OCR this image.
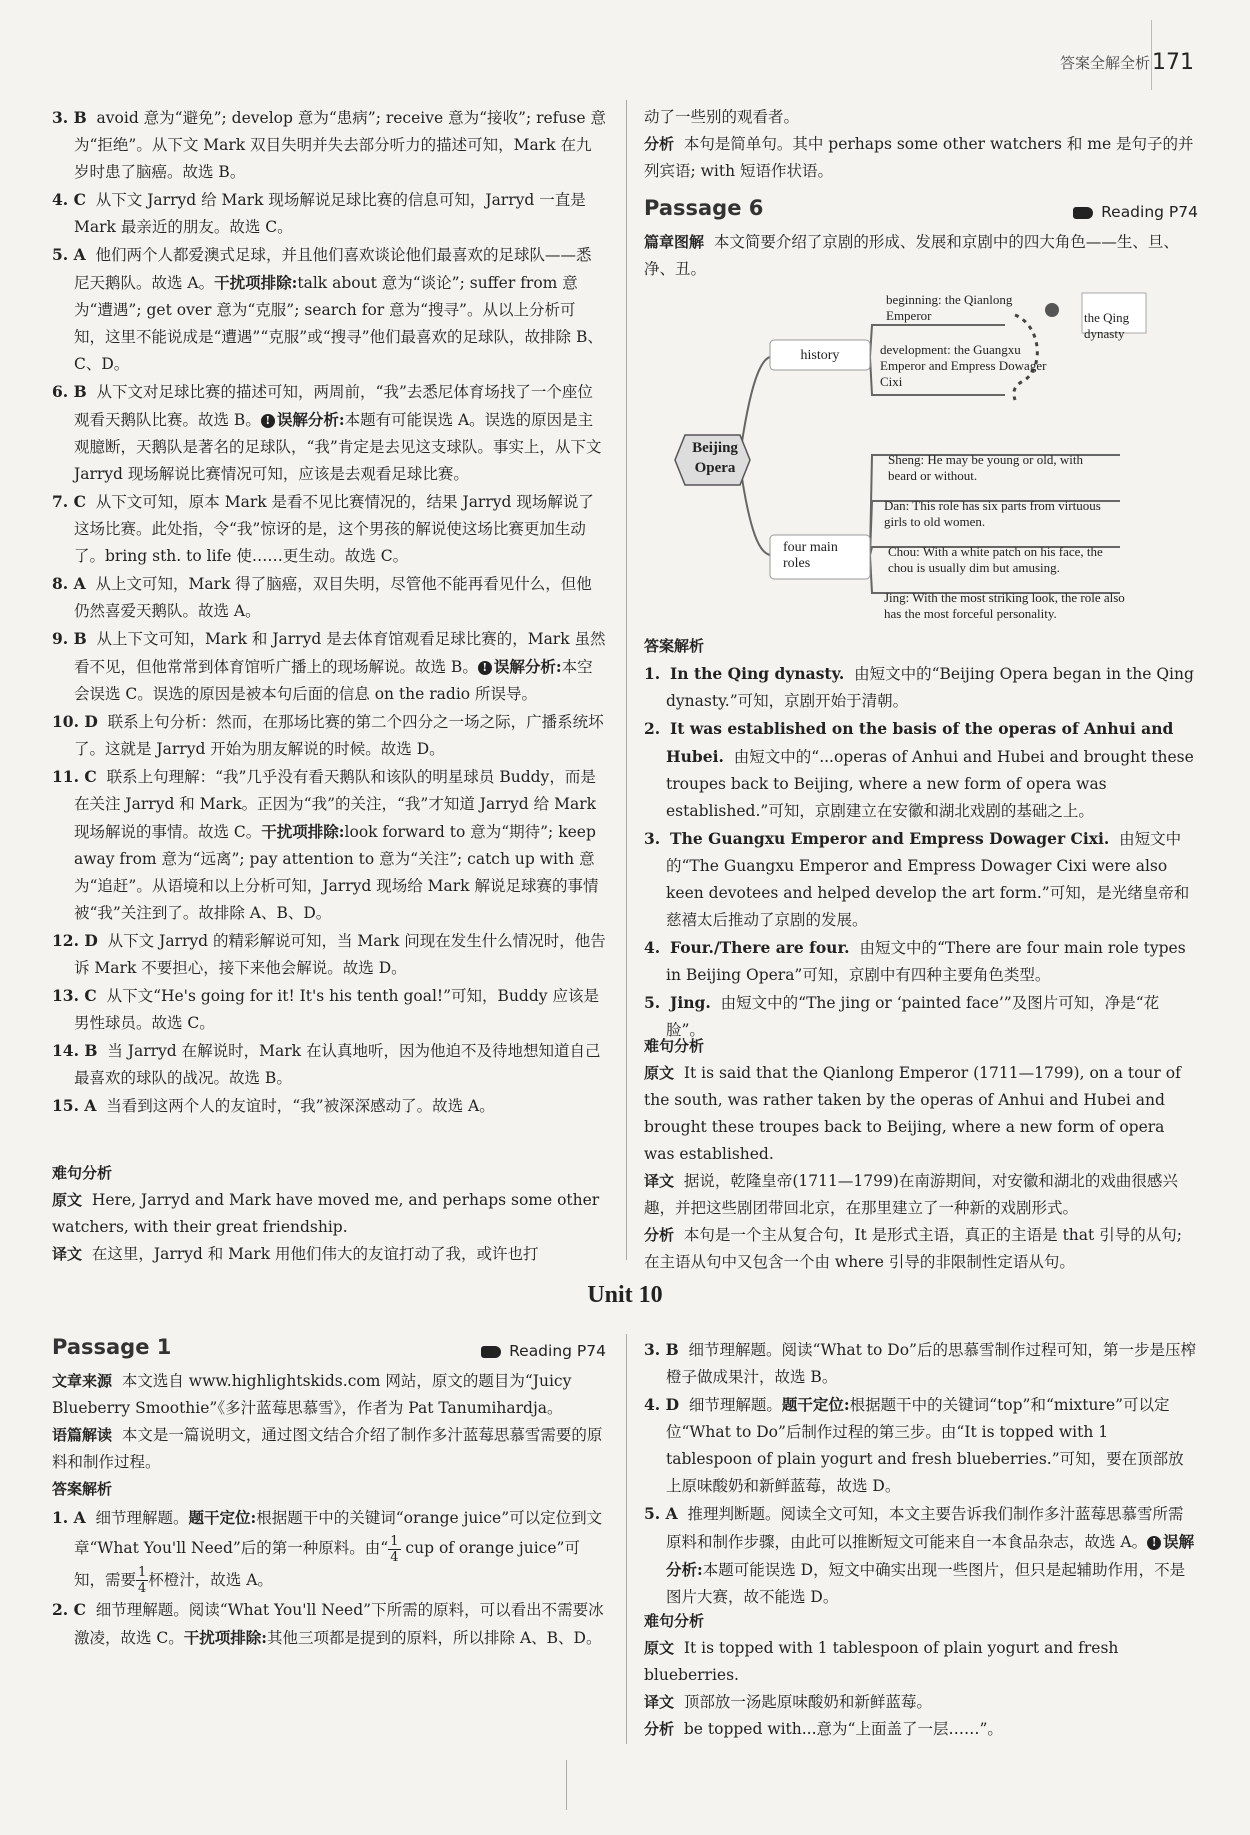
答案全解全析 171

3. B avoid 意为“避免”; develop 意为“患病”; receive 意为“接收”; refuse 意为“拒绝”。从下文 Mark 双目失明并失去部分听力的描述可知，Mark 在九岁时患了脑癌。故选 B。

4. C 从下文 Jarryd 给 Mark 现场解说足球比赛的信息可知，Jarryd 一直是 Mark 最亲近的朋友。故选 C。

5. A 他们两个人都爱澳式足球，并且他们喜欢谈论他们最喜欢的足球队——悉尼天鹅队。故选 A。干扰项排除:talk about 意为“谈论”; suffer from 意为“遭遇”; get over 意为“克服”; search for 意为“搜寻”。从以上分析可知，这里不能说成是“遭遇”“克服”或“搜寻”他们最喜欢的足球队，故排除 B、C、D。

6. B 从下文对足球比赛的描述可知，两周前，“我”去悉尼体育场找了一个座位观看天鹅队比赛。故选 B。 ! 误解分析:本题有可能误选 A。误选的原因是主观臆断，天鹅队是著名的足球队，“我”肯定是去见这支球队。事实上，从下文 Jarryd 现场解说比赛情况可知，应该是去观看足球比赛。

7. C 从下文可知，原本 Mark 是看不见比赛情况的，结果 Jarryd 现场解说了这场比赛。此处指，令“我”惊讶的是，这个男孩的解说使这场比赛更加生动了。bring sth. to life 使……更生动。故选 C。

8. A 从上文可知，Mark 得了脑癌，双目失明，尽管他不能再看见什么，但他仍然喜爱天鹅队。故选 A。

9. B 从上下文可知，Mark 和 Jarryd 是去体育馆观看足球比赛的，Mark 虽然看不见，但他常常到体育馆听广播上的现场解说。故选 B。 ! 误解分析:本空会误选 C。误选的原因是被本句后面的信息 on the radio 所误导。

10. D 联系上句分析：然而，在那场比赛的第二个四分之一场之际，广播系统坏了。这就是 Jarryd 开始为朋友解说的时候。故选 D。

11. C 联系上句理解：“我”几乎没有看天鹅队和该队的明星球员 Buddy，而是在关注 Jarryd 和 Mark。正因为“我”的关注，“我”才知道 Jarryd 给 Mark 现场解说的事情。故选 C。干扰项排除:look forward to 意为“期待”; keep away from 意为“远离”; pay attention to 意为“关注”; catch up with 意为“追赶”。从语境和以上分析可知，Jarryd 现场给 Mark 解说足球赛的事情被“我”关注到了。故排除 A、B、D。

12. D 从下文 Jarryd 的精彩解说可知，当 Mark 问现在发生什么情况时，他告诉 Mark 不要担心，接下来他会解说。故选 D。

13. C 从下文“He's going for it! It's his tenth goal!”可知，Buddy 应该是男性球员。故选 C。

14. B 当 Jarryd 在解说时，Mark 在认真地听，因为他迫不及待地想知道自己最喜欢的球队的战况。故选 B。

15. A 当看到这两个人的友谊时，“我”被深深感动了。故选 A。

难句分析

原文 Here, Jarryd and Mark have moved me, and perhaps some other watchers, with their great friendship.

译文 在这里，Jarryd 和 Mark 用他们伟大的友谊打动了我，或许也打

动了一些别的观看者。

分析 本句是简单句。其中 perhaps some other watchers 和 me 是句子的并列宾语; with 短语作状语。

Passage 6	Reading P74

篇章图解 本文简要介绍了京剧的形成、发展和京剧中的四大角色——生、旦、净、丑。

Beijing Opera
history
four main roles
beginning: the Qianlong Emperor
development: the Guangxu Emperor and Empress Dowager Cixi
the Qing dynasty
Sheng: He may be young or old, with beard or without.
Dan: This role has six parts from virtuous girls to old women.
Chou: With a white patch on his face, the chou is usually dim but amusing.
Jing: With the most striking look, the role also has the most forceful personality.

答案解析

1. In the Qing dynasty. 由短文中的“Beijing Opera began in the Qing dynasty.”可知，京剧开始于清朝。

2. It was established on the basis of the operas of Anhui and Hubei. 由短文中的“...operas of Anhui and Hubei and brought these troupes back to Beijing, where a new form of opera was established.”可知，京剧建立在安徽和湖北戏剧的基础之上。

3. The Guangxu Emperor and Empress Dowager Cixi. 由短文中的“The Guangxu Emperor and Empress Dowager Cixi were also keen devotees and helped develop the art form.”可知，是光绪皇帝和慈禧太后推动了京剧的发展。

4. Four./There are four. 由短文中的“There are four main role types in Beijing Opera”可知，京剧中有四种主要角色类型。

5. Jing. 由短文中的“The jing or ‘painted face’”及图片可知，净是“花脸”。

难句分析

原文 It is said that the Qianlong Emperor (1711—1799), on a tour of the south, was rather taken by the operas of Anhui and Hubei and brought these troupes back to Beijing, where a new form of opera was established.

译文 据说，乾隆皇帝(1711—1799)在南游期间，对安徽和湖北的戏曲很感兴趣，并把这些剧团带回北京，在那里建立了一种新的戏剧形式。

分析 本句是一个主从复合句，It 是形式主语，真正的主语是 that 引导的从句; 在主语从句中又包含一个由 where 引导的非限制性定语从句。

Unit 10
Passage 1	Reading P74

文章来源 本文选自 www.highlightskids.com 网站，原文的题目为“Juicy Blueberry Smoothie”《多汁蓝莓思慕雪》，作者为 Pat Tanumihardja。

语篇解读 本文是一篇说明文，通过图文结合介绍了制作多汁蓝莓思慕雪需要的原料和制作过程。

答案解析

1. A 细节理解题。题干定位:根据题干中的关键词“orange juice”可以定位到文章“What You'll Need”后的第一种原料。由“ $\frac{1}{4}$ cup of orange juice”可知，需要 $\frac{1}{4}$ 杯橙汁，故选 A。

2. C 细节理解题。阅读“What You'll Need”下所需的原料，可以看出不需要冰激凌，故选 C。干扰项排除:其他三项都是提到的原料，所以排除 A、B、D。

3. B 细节理解题。阅读“What to Do”后的思慕雪制作过程可知，第一步是压榨橙子做成果汁，故选 B。

4. D 细节理解题。题干定位:根据题干中的关键词“top”和“mixture”可以定位“What to Do”后制作过程的第三步。由“It is topped with 1 tablespoon of plain yogurt and fresh blueberries.”可知，要在顶部放上原味酸奶和新鲜蓝莓，故选 D。

5. A 推理判断题。阅读全文可知，本文主要告诉我们制作多汁蓝莓思慕雪所需原料和制作步骤，由此可以推断短文可能来自一本食品杂志，故选 A。 ! 误解分析:本题可能误选 D，短文中确实出现一些图片，但只是起辅助作用，不是图片大赛，故不能选 D。

难句分析

原文 It is topped with 1 tablespoon of plain yogurt and fresh blueberries.

译文 顶部放一汤匙原味酸奶和新鲜蓝莓。

分析 be topped with...意为“上面盖了一层……”。
